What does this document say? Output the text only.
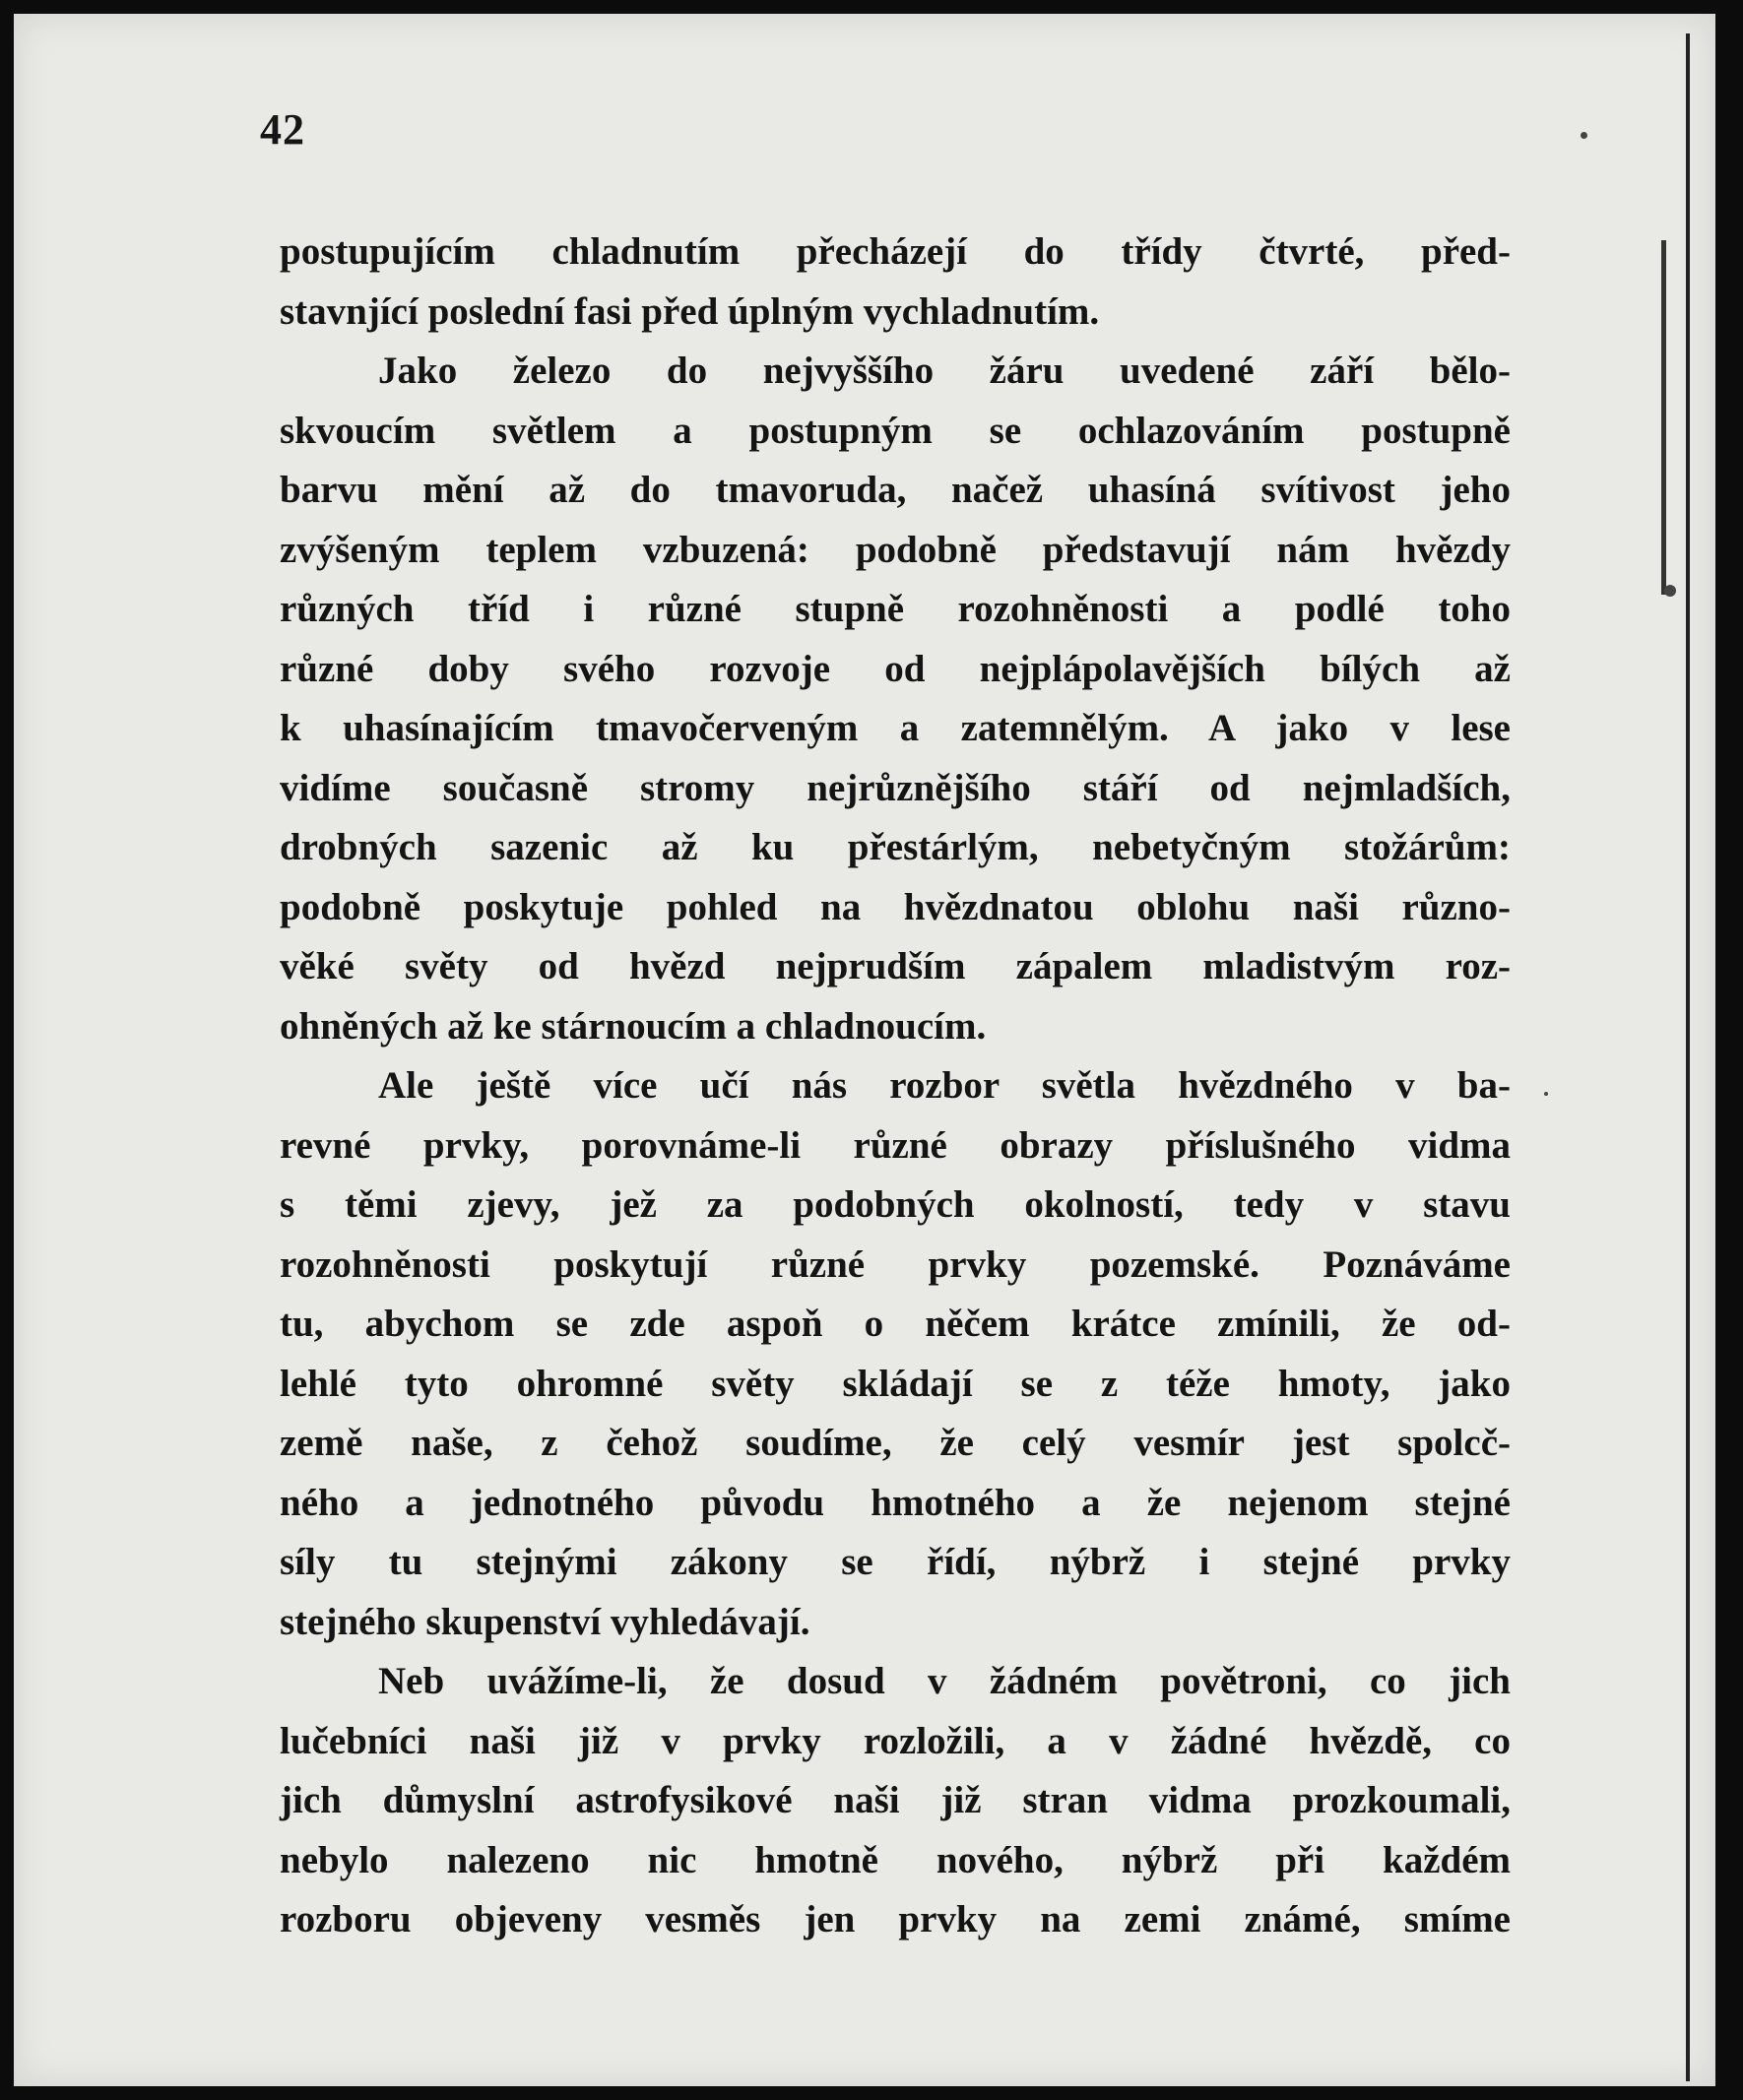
42
postupujícím chladnutím přecházejí do třídy čtvrté, před-
stavnjící poslední fasi před úplným vychladnutím.
Jako železo do nejvyššího žáru uvedené září bělo-
skvoucím světlem a postupným se ochlazováním postupně
barvu mění až do tmavoruda, načež uhasíná svítivost jeho
zvýšeným teplem vzbuzená: podobně představují nám hvězdy
různých tříd i různé stupně rozohněnosti a podlé toho
různé doby svého rozvoje od nejplápolavějších bílých až
k uhasínajícím tmavočerveným a zatemnělým. A jako v lese
vidíme současně stromy nejrůznějšího stáří od nejmladších,
drobných sazenic až ku přestárlým, nebetyčným stožárům:
podobně poskytuje pohled na hvězdnatou oblohu naši různo-
věké světy od hvězd nejprudším zápalem mladistvým roz-
ohněných až ke stárnoucím a chladnoucím.
Ale ještě více učí nás rozbor světla hvězdného v ba-
revné prvky, porovnáme-li různé obrazy příslušného vidma
s těmi zjevy, jež za podobných okolností, tedy v stavu
rozohněnosti poskytují různé prvky pozemské. Poznáváme
tu, abychom se zde aspoň o něčem krátce zmínili, že od-
lehlé tyto ohromné světy skládají se z téže hmoty, jako
země naše, z čehož soudíme, že celý vesmír jest spolcč-
ného a jednotného původu hmotného a že nejenom stejné
síly tu stejnými zákony se řídí, nýbrž i stejné prvky
stejného skupenství vyhledávají.
Neb uvážíme-li, že dosud v žádném povětroni, co jich
lučebníci naši již v prvky rozložili, a v žádné hvězdě, co
jich důmyslní astrofysikové naši již stran vidma prozkoumali,
nebylo nalezeno nic hmotně nového, nýbrž při každém
rozboru objeveny vesměs jen prvky na zemi známé, smíme
